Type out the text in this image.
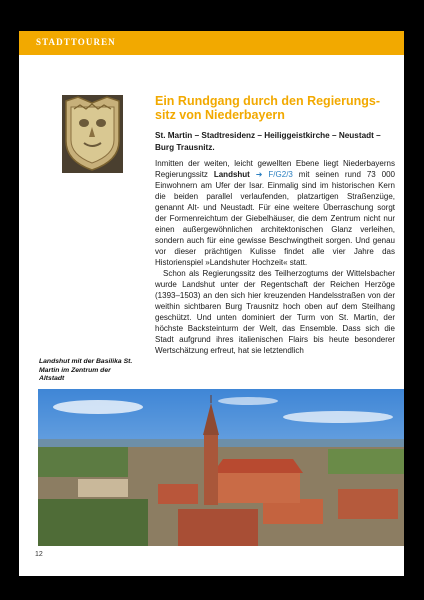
STADTTOUREN
Ein Rundgang durch den Regierungs-
sitz von Niederbayern
St. Martin – Stadtresidenz – Heiliggeistkirche – Neustadt – Burg Trausnitz.

Inmitten der weiten, leicht gewellten Ebene liegt Niederbayerns Regierungssitz Landshut ➜ F/G2/3 mit seinen rund 73 000 Einwohnern am Ufer der Isar. Einmalig sind im historischen Kern die beiden parallel verlaufenden, platzartigen Straßenzüge, genannt Alt- und Neustadt. Für eine weitere Überraschung sorgt der Formenreichtum der Giebelhäuser, die dem Zentrum nicht nur einen außergewöhnlichen architektonischen Glanz verleihen, sondern auch für eine gewisse Beschwingtheit sorgen. Und genau vor dieser prächtigen Kulisse findet alle vier Jahre das Historienspiel »Landshuter Hochzeit« statt.

Schon als Regierungssitz des Teilherzogtums der Wittelsbacher wurde Landshut unter der Regentschaft der Reichen Herzöge (1393–1503) an den sich hier kreuzenden Handelsstraßen von der weithin sichtbaren Burg Trausnitz hoch oben auf dem Steilhang geschützt. Und unten dominiert der Turm von St. Martin, der höchste Backsteinturm der Welt, das Ensemble. Dass sich die Stadt aufgrund ihres italienischen Flairs bis heute besonderer Wertschätzung erfreut, hat sie letztendlich

Landshut mit der Basilika St. Martin im Zentrum der Altstadt
12
